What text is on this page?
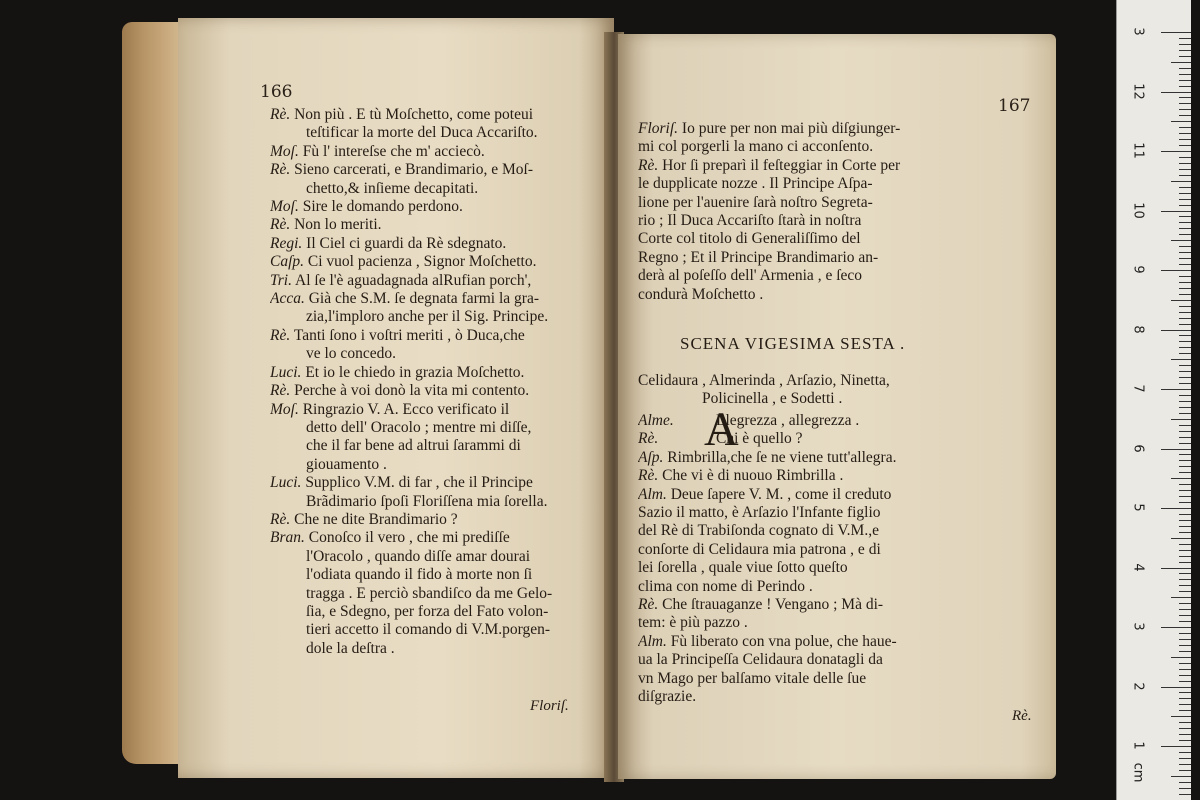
166
Rè. Non più . E tù Moſchetto, come poteui
teſtificar la morte del Duca Accariſto.
Moſ. Fù l' intereſse che m' acciecò.
Rè. Sieno carcerati, e Brandimario, e Moſ-
chetto,& inſieme decapitati.
Moſ. Sire le domando perdono.
Rè. Non lo meriti.
Regi. Il Ciel ci guardi da Rè sdegnato.
Caſp. Ci vuol pacienza , Signor Moſchetto.
Tri. Al ſe l'è aguadagnada alRufian porch',
Acca. Già che S.M. ſe degnata farmi la gra-
zia,l'imploro anche per il Sig. Principe.
Rè. Tanti ſono i voſtri meriti , ò Duca,che
ve lo concedo.
Luci. Et io le chiedo in grazia Moſchetto.
Rè. Perche à voi donò la vita mi contento.
Moſ. Ringrazio V. A. Ecco verificato il
detto dell' Oracolo ; mentre mi diſſe,
che il far bene ad altrui ſarammi di
giouamento .
Luci. Supplico V.M. di far , che il Principe
Brãdimario ſpoſi Floriſſena mia ſorella.
Rè. Che ne dite Brandimario ?
Bran. Conoſco il vero , che mi prediſſe
l'Oracolo , quando diſſe amar dourai
l'odiata quando il fido à morte non ſi
tragga . E perciò sbandiſco da me Gelo-
ſia, e Sdegno, per forza del Fato volon-
tieri accetto il comando di V.M.porgen-
dole la deſtra .
Floriſ.
167
Floriſ. Io pure per non mai più diſgiunger-
mi col porgerli la mano ci acconſento.
Rè. Hor ſi preparì il feſteggiar in Corte per
le dupplicate nozze . Il Principe Aſpa-
lione per l'auenire ſarà noſtro Segreta-
rio ; Il Duca Accariſto ſtarà in noſtra
Corte col titolo di Generaliſſimo del
Regno ; Et il Principe Brandimario an-
derà al poſeſſo dell' Armenia , e ſeco
condurà Moſchetto .
SCENA VIGESIMA SESTA .
Celidaura , Almerinda , Arſazio, Ninetta,
Policinella , e Sodetti .
A
Alme.	Llegrezza , allegrezza .
Rè.	Chi è quello ?
Aſp. Rimbrilla,che ſe ne viene tutt'allegra.
Rè. Che vi è di nuouo Rimbrilla .
Alm. Deue ſapere V. M. , come il creduto
Sazio il matto, è Arſazio l'Infante figlio
del Rè di Trabiſonda cognato di V.M.,e
conſorte di Celidaura mia patrona , e di
lei ſorella , quale viue ſotto queſto
clima con nome di Perindo .
Rè. Che ſtrauaganze ! Vengano ; Mà di-
tem: è più pazzo .
Alm. Fù liberato con vna polue, che haue-
ua la Principeſſa Celidaura donatagli da
vn Mago per balſamo vitale delle ſue
diſgrazie.
Rè.
3
12
11
10
9
8
7
6
5
4
3
2
1
cm
